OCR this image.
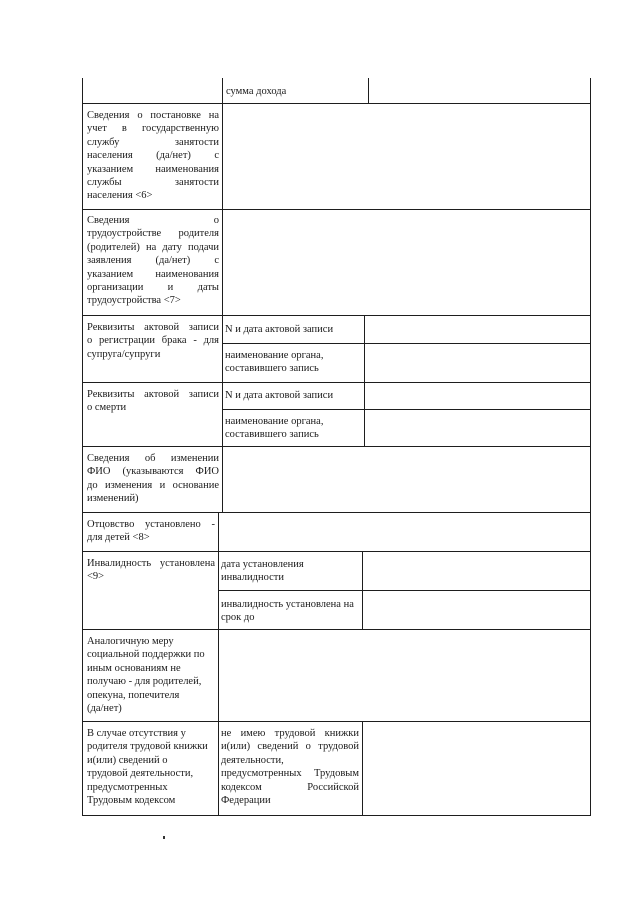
сумма дохода
Сведения о постановке на
учет в государственную
службу занятости
населения (да/нет) с
указанием наименования
службы занятости
населения <6>
Сведения о
трудоустройстве родителя
(родителей) на дату подачи
заявления (да/нет) с
указанием наименования
организации и даты
трудоустройства <7>
Реквизиты актовой записи
о регистрации брака - для
супруга/супруги
N и дата актовой записи
наименование органа,
составившего запись
Реквизиты актовой записи
о смерти
N и дата актовой записи
наименование органа,
составившего запись
Сведения об изменении
ФИО (указываются ФИО
до изменения и основание
изменений)
Отцовство установлено -
для детей <8>
Инвалидность установлена
<9>
дата установления
инвалидности
инвалидность установлена на
срок до
Аналогичную меру
социальной поддержки по
иным основаниям не
получаю - для родителей,
опекуна, попечителя
(да/нет)
В случае отсутствия у
родителя трудовой книжки
и(или) сведений о
трудовой деятельности,
предусмотренных
Трудовым кодексом
не имею трудовой книжки
и(или) сведений о трудовой
деятельности,
предусмотренных Трудовым
кодексом Российской
Федерации
